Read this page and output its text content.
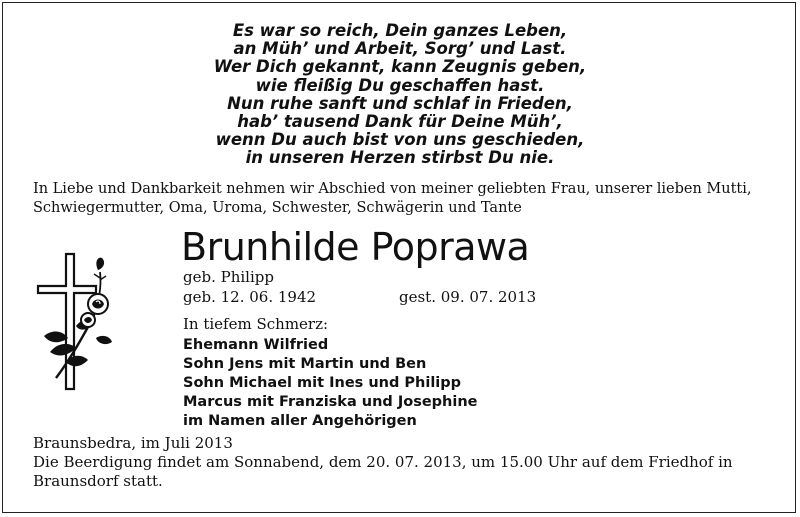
Es war so reich, Dein ganzes Leben,
an Müh’ und Arbeit, Sorg’ und Last.
Wer Dich gekannt, kann Zeugnis geben,
wie fleißig Du geschaffen hast.
Nun ruhe sanft und schlaf in Frieden,
hab’ tausend Dank für Deine Müh’,
wenn Du auch bist von uns geschieden,
in unseren Herzen stirbst Du nie.
In Liebe und Dankbarkeit nehmen wir Abschied von meiner geliebten Frau, unserer lieben Mutti,
Schwiegermutter, Oma, Uroma, Schwester, Schwägerin und Tante
Brunhilde Poprawa
geb. Philipp
geb. 12. 06. 1942	gest. 09. 07. 2013
In tiefem Schmerz:
Ehemann Wilfried
Sohn Jens mit Martin und Ben
Sohn Michael mit Ines und Philipp
Marcus mit Franziska und Josephine
im Namen aller Angehörigen
Braunsbedra, im Juli 2013
Die Beerdigung findet am Sonnabend, dem 20. 07. 2013, um 15.00 Uhr auf dem Friedhof in
Braunsdorf statt.
